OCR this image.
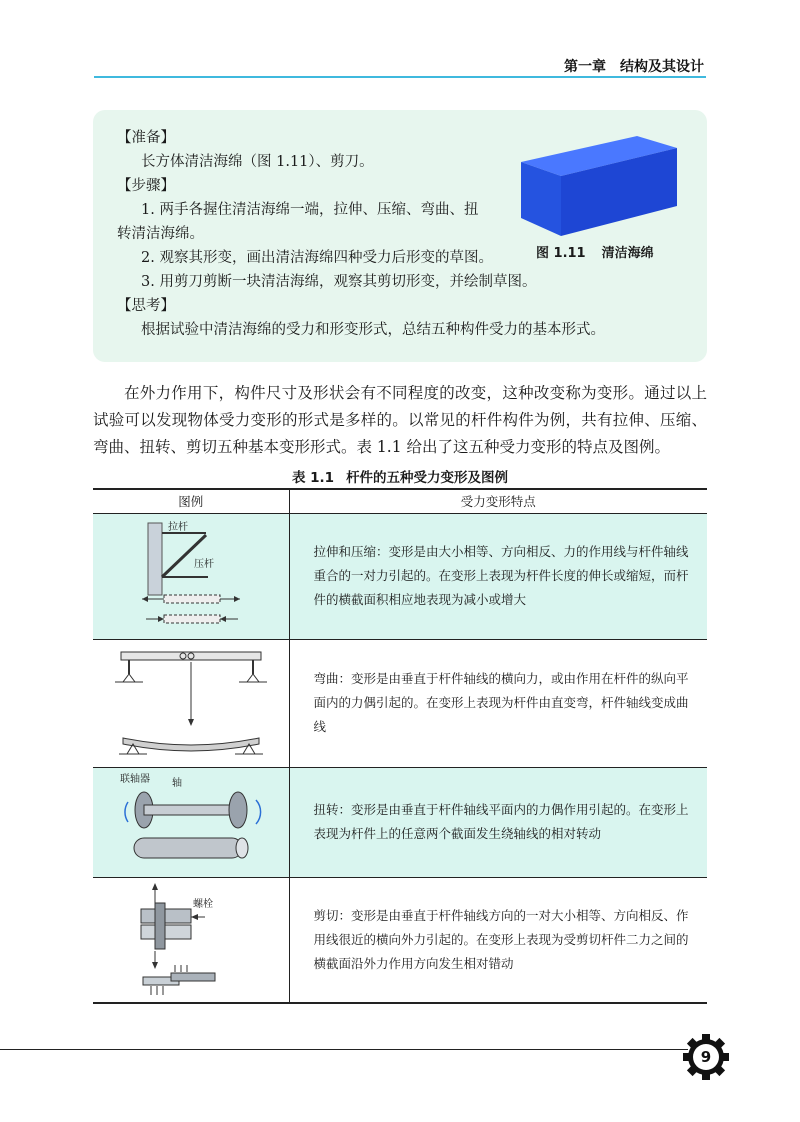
第一章　结构及其设计
【准备】
长方体清洁海绵（图 1.11）、剪刀。
【步骤】
1. 两手各握住清洁海绵一端，拉伸、压缩、弯曲、扭
转清洁海绵。
2. 观察其形变，画出清洁海绵四种受力后形变的草图。
3. 用剪刀剪断一块清洁海绵，观察其剪切形变，并绘制草图。
【思考】
根据试验中清洁海绵的受力和形变形式，总结五种构件受力的基本形式。
图 1.11 清洁海绵

在外力作用下，构件尺寸及形状会有不同程度的改变，这种改变称为变形。通过以上试验可以发现物体受力变形的形式是多样的。以常见的杆件构件为例，共有拉伸、压缩、弯曲、扭转、剪切五种基本变形形式。表 1.1 给出了这五种受力变形的特点及图例。

表 1.1 杆件的五种受力变形及图例
图例	受力变形特点

拉杆
压杆	拉伸和压缩：变形是由大小相等、方向相反、力的作用线与杆件轴线重合的一对力引起的。在变形上表现为杆件长度的伸长或缩短，而杆件的横截面积相应地表现为减小或增大

	弯曲：变形是由垂直于杆件轴线的横向力，或由作用在杆件的纵向平面内的力偶引起的。在变形上表现为杆件由直变弯，杆件轴线变成曲线

联轴器 轴	扭转：变形是由垂直于杆件轴线平面内的力偶作用引起的。在变形上表现为杆件上的任意两个截面发生绕轴线的相对转动

螺栓	剪切：变形是由垂直于杆件轴线方向的一对大小相等、方向相反、作用线很近的横向外力引起的。在变形上表现为受剪切杆件二力之间的横截面沿外力作用方向发生相对错动
9
